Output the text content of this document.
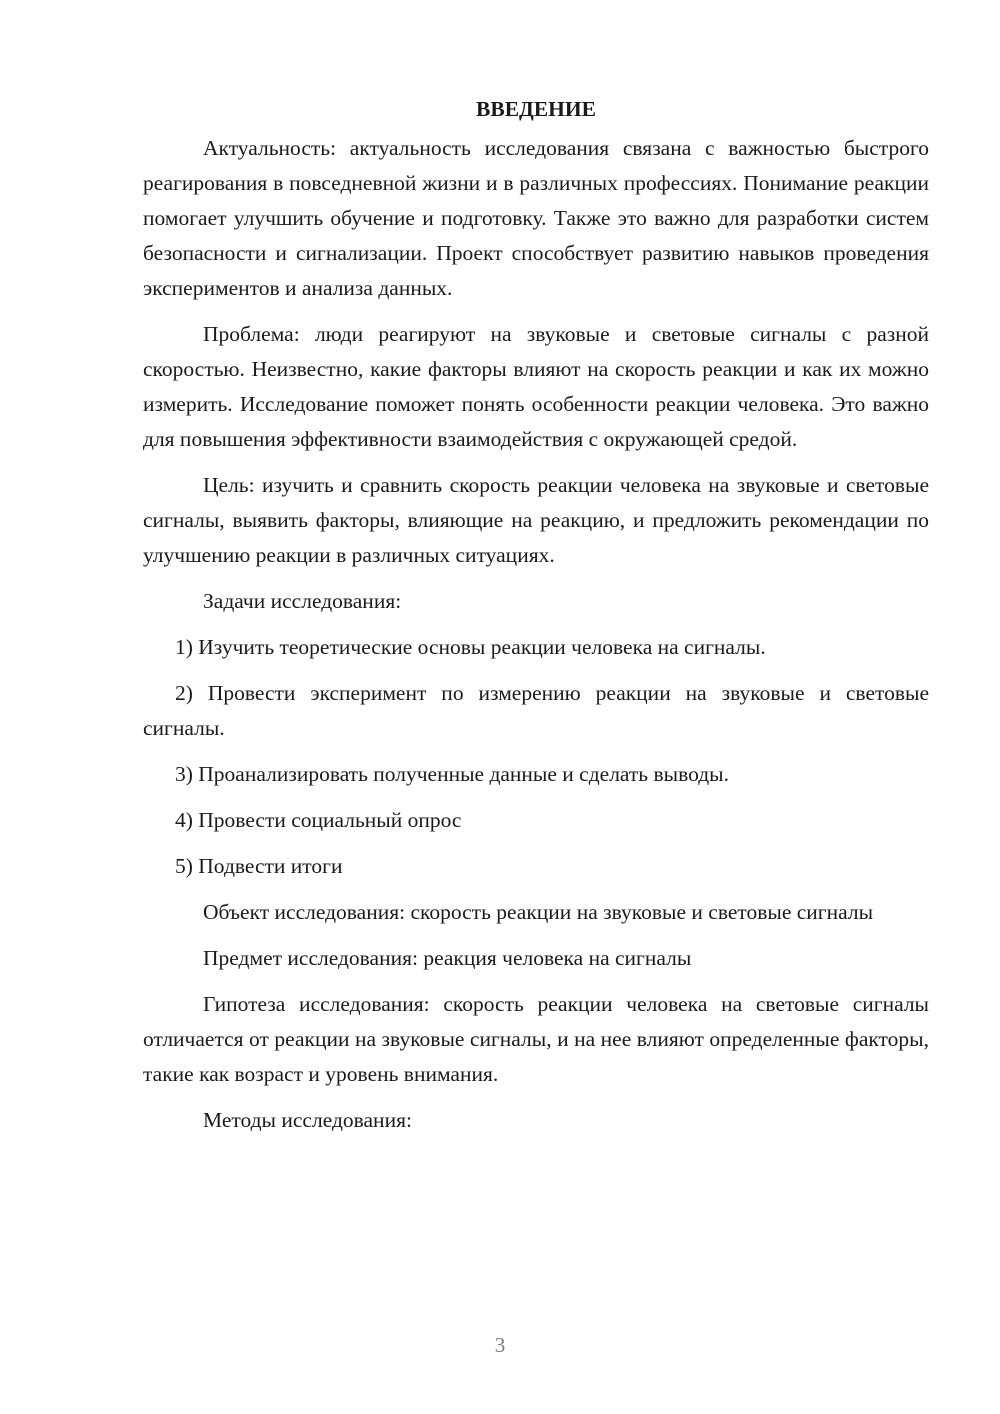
ВВЕДЕНИЕ

Актуальность: актуальность исследования связана с важностью быстрого реагирования в повседневной жизни и в различных профессиях. Понимание реакции помогает улучшить обучение и подготовку. Также это важно для разработки систем безопасности и сигнализации. Проект способствует развитию навыков проведения экспериментов и анализа данных.

Проблема: люди реагируют на звуковые и световые сигналы с разной скоростью. Неизвестно, какие факторы влияют на скорость реакции и как их можно измерить. Исследование поможет понять особенности реакции человека. Это важно для повышения эффективности взаимодействия с окружающей средой.

Цель: изучить и сравнить скорость реакции человека на звуковые и световые сигналы, выявить факторы, влияющие на реакцию, и предложить рекомендации по улучшению реакции в различных ситуациях.

Задачи исследования:

1) Изучить теоретические основы реакции человека на сигналы.

2) Провести эксперимент по измерению реакции на звуковые и световые сигналы.

3) Проанализировать полученные данные и сделать выводы.

4) Провести социальный опрос

5) Подвести итоги

Объект исследования: скорость реакции на звуковые и световые сигналы

Предмет исследования: реакция человека на сигналы

Гипотеза исследования: скорость реакции человека на световые сигналы отличается от реакции на звуковые сигналы, и на нее влияют определенные факторы, такие как возраст и уровень внимания.

Методы исследования:

3
